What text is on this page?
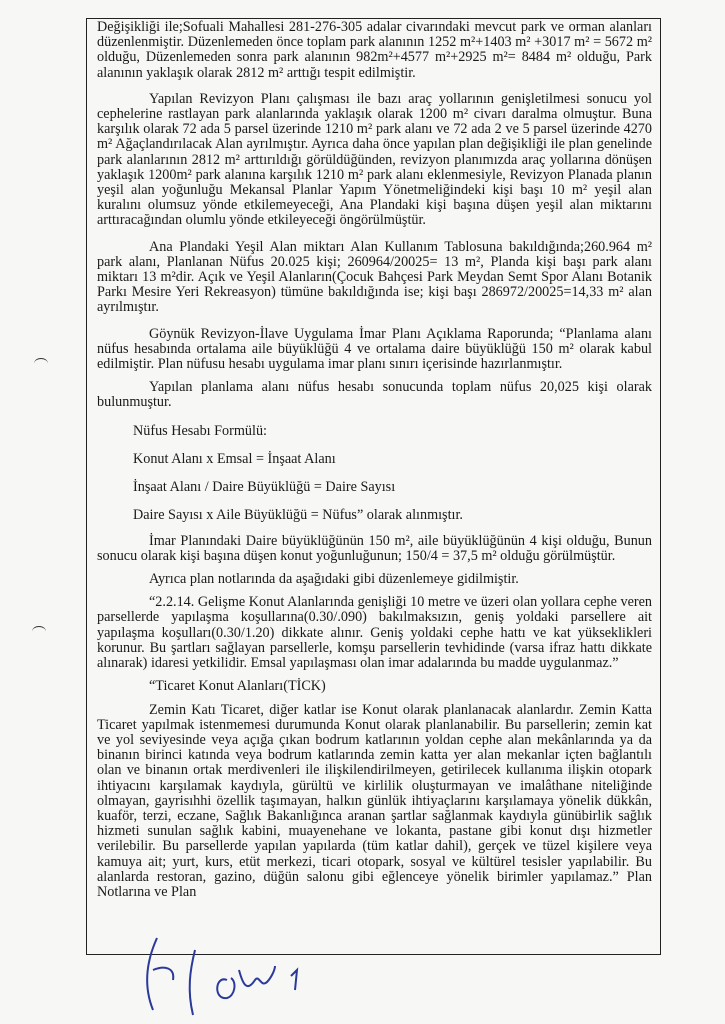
Değişikliği ile;Sofuali Mahallesi 281-276-305 adalar civarındaki mevcut park ve orman alanları düzenlenmiştir. Düzenlemeden önce toplam park alanının 1252 m²+1403 m² +3017 m² = 5672 m² olduğu, Düzenlemeden sonra park alanının 982m²+4577 m²+2925 m²= 8484 m² olduğu, Park alanının yaklaşık olarak 2812 m² arttığı tespit edilmiştir.

Yapılan Revizyon Planı çalışması ile bazı araç yollarının genişletilmesi sonucu yol cephelerine rastlayan park alanlarında yaklaşık olarak 1200 m² civarı daralma olmuştur. Buna karşılık olarak 72 ada 5 parsel üzerinde 1210 m² park alanı ve 72 ada 2 ve 5 parsel üzerinde 4270 m² Ağaçlandırılacak Alan ayrılmıştır. Ayrıca daha önce yapılan plan değişikliği ile plan genelinde park alanlarının 2812 m² arttırıldığı görüldüğünden, revizyon planımızda araç yollarına dönüşen yaklaşık 1200m² park alanına karşılık 1210 m² park alanı eklenmesiyle, Revizyon Planada planın yeşil alan yoğunluğu Mekansal Planlar Yapım Yönetmeliğindeki kişi başı 10 m² yeşil alan kuralını olumsuz yönde etkilemeyeceği, Ana Plandaki kişi başına düşen yeşil alan miktarını arttıracağından olumlu yönde etkileyeceği öngörülmüştür.

Ana Plandaki Yeşil Alan miktarı Alan Kullanım Tablosuna bakıldığında;260.964 m² park alanı, Planlanan Nüfus 20.025 kişi; 260964/20025= 13 m², Planda kişi başı park alanı miktarı 13 m²dir. Açık ve Yeşil Alanların(Çocuk Bahçesi Park Meydan Semt Spor Alanı Botanik Parkı Mesire Yeri Rekreasyon) tümüne bakıldığında ise; kişi başı 286972/20025=14,33 m² alan ayrılmıştır.

Göynük Revizyon-İlave Uygulama İmar Planı Açıklama Raporunda; “Planlama alanı nüfus hesabında ortalama aile büyüklüğü 4 ve ortalama daire büyüklüğü 150 m² olarak kabul edilmiştir. Plan nüfusu hesabı uygulama imar planı sınırı içerisinde hazırlanmıştır.

Yapılan planlama alanı nüfus hesabı sonucunda toplam nüfus 20,025 kişi olarak bulunmuştur.

Nüfus Hesabı Formülü:

Konut Alanı x Emsal = İnşaat Alanı

İnşaat Alanı / Daire Büyüklüğü = Daire Sayısı

Daire Sayısı x Aile Büyüklüğü = Nüfus” olarak alınmıştır.

İmar Planındaki Daire büyüklüğünün 150 m², aile büyüklüğünün 4 kişi olduğu, Bunun sonucu olarak kişi başına düşen konut yoğunluğunun; 150/4 = 37,5 m² olduğu görülmüştür.

Ayrıca plan notlarında da aşağıdaki gibi düzenlemeye gidilmiştir.

“2.2.14. Gelişme Konut Alanlarında genişliği 10 metre ve üzeri olan yollara cephe veren parsellerde yapılaşma koşullarına(0.30/.090) bakılmaksızın, geniş yoldaki parsellere ait yapılaşma koşulları(0.30/1.20) dikkate alınır. Geniş yoldaki cephe hattı ve kat yükseklikleri korunur. Bu şartları sağlayan parsellerle, komşu parsellerin tevhidinde (varsa ifraz hattı dikkate alınarak) idaresi yetkilidir. Emsal yapılaşması olan imar adalarında bu madde uygulanmaz.”

“Ticaret Konut Alanları(TİCK)

Zemin Katı Ticaret, diğer katlar ise Konut olarak planlanacak alanlardır. Zemin Katta Ticaret yapılmak istenmemesi durumunda Konut olarak planlanabilir. Bu parsellerin; zemin kat ve yol seviyesinde veya açığa çıkan bodrum katlarının yoldan cephe alan mekânlarında ya da binanın birinci katında veya bodrum katlarında zemin katta yer alan mekanlar içten bağlantılı olan ve binanın ortak merdivenleri ile ilişkilendirilmeyen, getirilecek kullanıma ilişkin otopark ihtiyacını karşılamak kaydıyla, gürültü ve kirlilik oluşturmayan ve imalâthane niteliğinde olmayan, gayrisıhhi özellik taşımayan, halkın günlük ihtiyaçlarını karşılamaya yönelik dükkân, kuaför, terzi, eczane, Sağlık Bakanlığınca aranan şartlar sağlanmak kaydıyla günübirlik sağlık hizmeti sunulan sağlık kabini, muayenehane ve lokanta, pastane gibi konut dışı hizmetler verilebilir. Bu parsellerde yapılan yapılarda (tüm katlar dahil), gerçek ve tüzel kişilere veya kamuya ait; yurt, kurs, etüt merkezi, ticari otopark, sosyal ve kültürel tesisler yapılabilir. Bu alanlarda restoran, gazino, düğün salonu gibi eğlenceye yönelik birimler yapılamaz.” Plan Notlarına ve Plan
